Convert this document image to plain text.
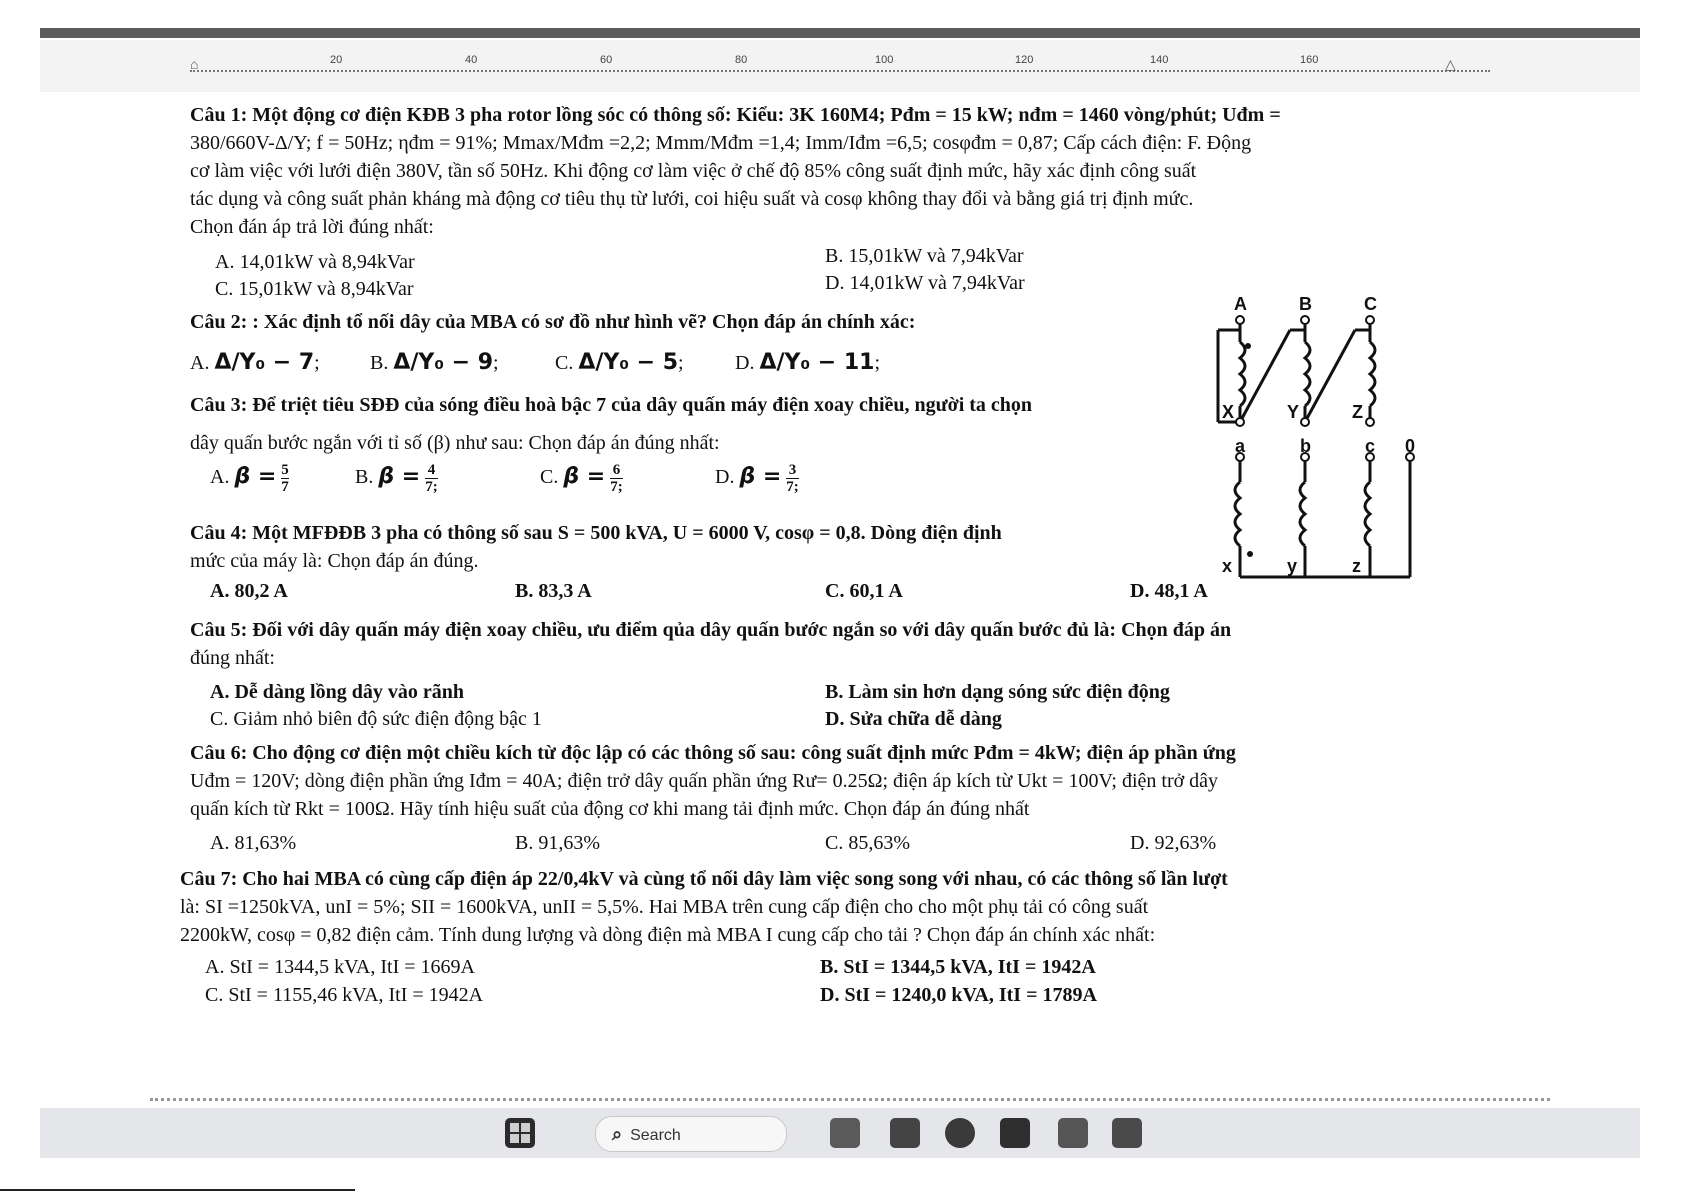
⌂	20	40	60	80	100	120	140	160	△
Câu 1: Một động cơ điện KĐB 3 pha rotor lồng sóc có thông số: Kiểu: 3K 160M4; Pđm = 15 kW; nđm = 1460 vòng/phút; Uđm =
380/660V-Δ/Y; f = 50Hz; ηđm = 91%; Mmax/Mđm =2,2; Mmm/Mđm =1,4; Imm/Iđm =6,5; cosφđm = 0,87; Cấp cách điện: F. Động
cơ làm việc với lưới điện 380V, tần số 50Hz. Khi động cơ làm việc ở chế độ 85% công suất định mức, hãy xác định công suất
tác dụng và công suất phản kháng mà động cơ tiêu thụ từ lưới, coi hiệu suất và cosφ không thay đổi và bằng giá trị định mức.
Chọn đán áp trả lời đúng nhất:
A. 14,01kW và 8,94kVar	B. 15,01kW và 7,94kVar
C. 15,01kW và 8,94kVar	D. 14,01kW và 7,94kVar
Câu 2: : Xác định tổ nối dây của MBA có sơ đồ như hình vẽ? Chọn đáp án chính xác:
A. Δ/Y₀ − 7;	B. Δ/Y₀ − 9;	C. Δ/Y₀ − 5;	D. Δ/Y₀ − 11;
Câu 3: Để triệt tiêu SĐĐ của sóng điều hoà bậc 7 của dây quấn máy điện xoay chiều, người ta chọn
dây quấn bước ngắn với tỉ số (β) như sau: Chọn đáp án đúng nhất:
A. $\beta = \frac{5}{7}$	B. $\beta = \frac{4}{7;}$	C. $\beta = \frac{6}{7;}$	D. $\beta = \frac{3}{7;}$
Câu 4: Một MFĐĐB 3 pha có thông số sau S = 500 kVA, U = 6000 V, cosφ = 0,8. Dòng điện định
mức của máy là: Chọn đáp án đúng.
A. 80,2 A	B. 83,3 A	C. 60,1 A	D. 48,1 A
Câu 5: Đối với dây quấn máy điện xoay chiều, ưu điểm qủa dây quấn bước ngắn so với dây quấn bước đủ là: Chọn đáp án
đúng nhất:
A. Dễ dàng lồng dây vào rãnh	B. Làm sin hơn dạng sóng sức điện động
C. Giảm nhỏ biên độ sức điện động bậc 1	D. Sửa chữa dễ dàng
Câu 6: Cho động cơ điện một chiều kích từ độc lập có các thông số sau: công suất định mức Pđm = 4kW; điện áp phần ứng
Uđm = 120V; dòng điện phần ứng Iđm = 40A; điện trở dây quấn phần ứng Rư= 0.25Ω; điện áp kích từ Ukt = 100V; điện trở dây
quấn kích từ Rkt = 100Ω. Hãy tính hiệu suất của động cơ khi mang tải định mức. Chọn đáp án đúng nhất
A. 81,63%	B. 91,63%	C. 85,63%	D. 92,63%
Câu 7: Cho hai MBA có cùng cấp điện áp 22/0,4kV và cùng tổ nối dây làm việc song song với nhau, có các thông số lần lượt
là: SI =1250kVA, unI = 5%; SII = 1600kVA, unII = 5,5%. Hai MBA trên cung cấp điện cho cho một phụ tải có công suất
2200kW, cosφ = 0,82 điện cảm. Tính dung lượng và dòng điện mà MBA I cung cấp cho tải ? Chọn đáp án chính xác nhất:
A. StI = 1344,5 kVA, ItI = 1669A	B. StI = 1344,5 kVA, ItI = 1942A
C. StI = 1155,46 kVA, ItI = 1942A	D. StI = 1240,0 kVA, ItI = 1789A
A	B	C
X	Y	Z
a	b	c 0
x	y	z
⌕ Search
